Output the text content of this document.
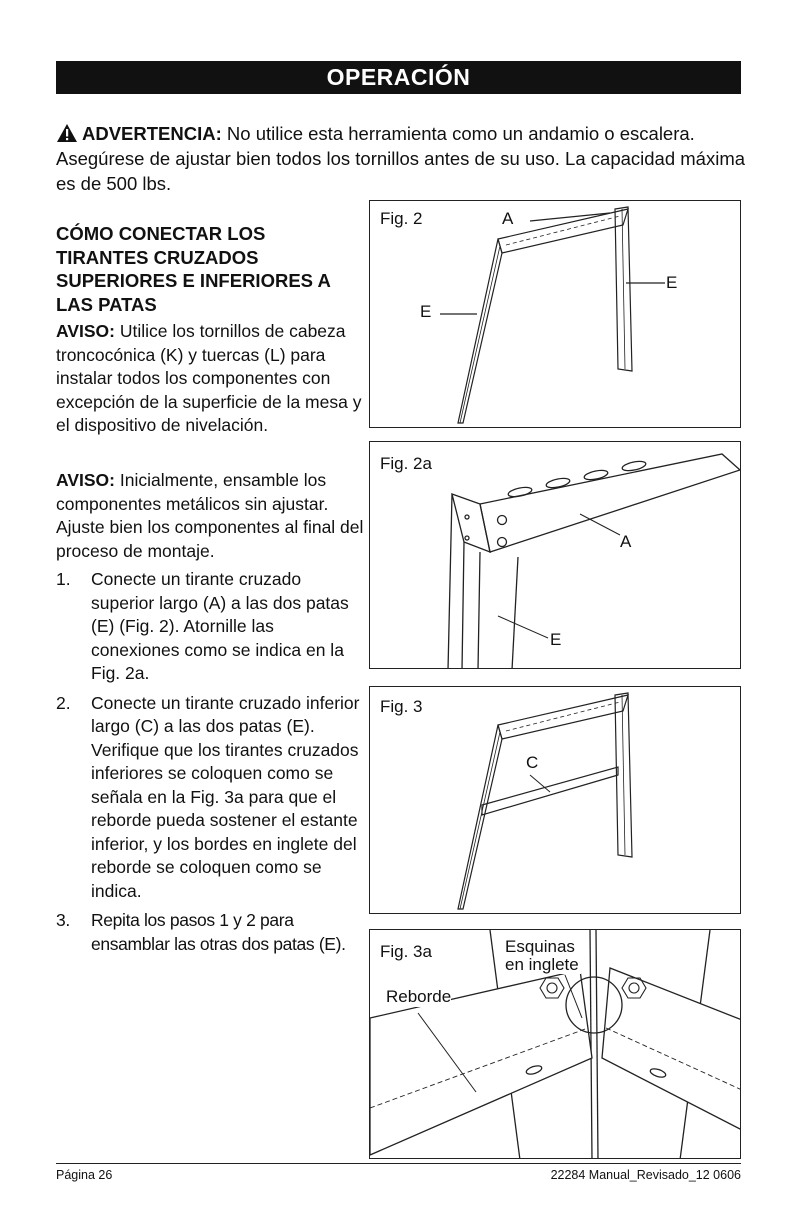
OPERACIÓN
ADVERTENCIA: No utilice esta herramienta como un andamio o escalera. Asegúrese de ajustar bien todos los tornillos antes de su uso. La capacidad máxima es de 500 lbs.
CÓMO CONECTAR LOS TIRANTES CRUZADOS SUPERIORES E INFERIORES A LAS PATAS
AVISO: Utilice los tornillos de cabeza troncocónica (K) y tuercas (L) para instalar todos los componentes con excepción de la superficie de la mesa y el dispositivo de nivelación.
AVISO: Inicialmente, ensamble los componentes metálicos sin ajustar. Ajuste bien los componentes al final del proceso de montaje.
1. Conecte un tirante cruzado superior largo (A) a las dos patas (E) (Fig. 2). Atornille las conexiones como se indica en la Fig. 2a.
2. Conecte un tirante cruzado inferior largo (C) a las dos patas (E). Verifique que los tirantes cruzados inferiores se coloquen como se señala en la Fig. 3a para que el reborde pueda sostener el estante inferior, y los bordes en inglete del reborde se coloquen como se indica.
3. Repita los pasos 1 y 2 para ensamblar las otras dos patas (E).
Fig. 2	A
E
E
Fig. 2a
A
E
Fig. 3
C
Fig. 3a	Esquinas
en inglete
Reborde
Página 26	22284 Manual_Revisado_12 0606
